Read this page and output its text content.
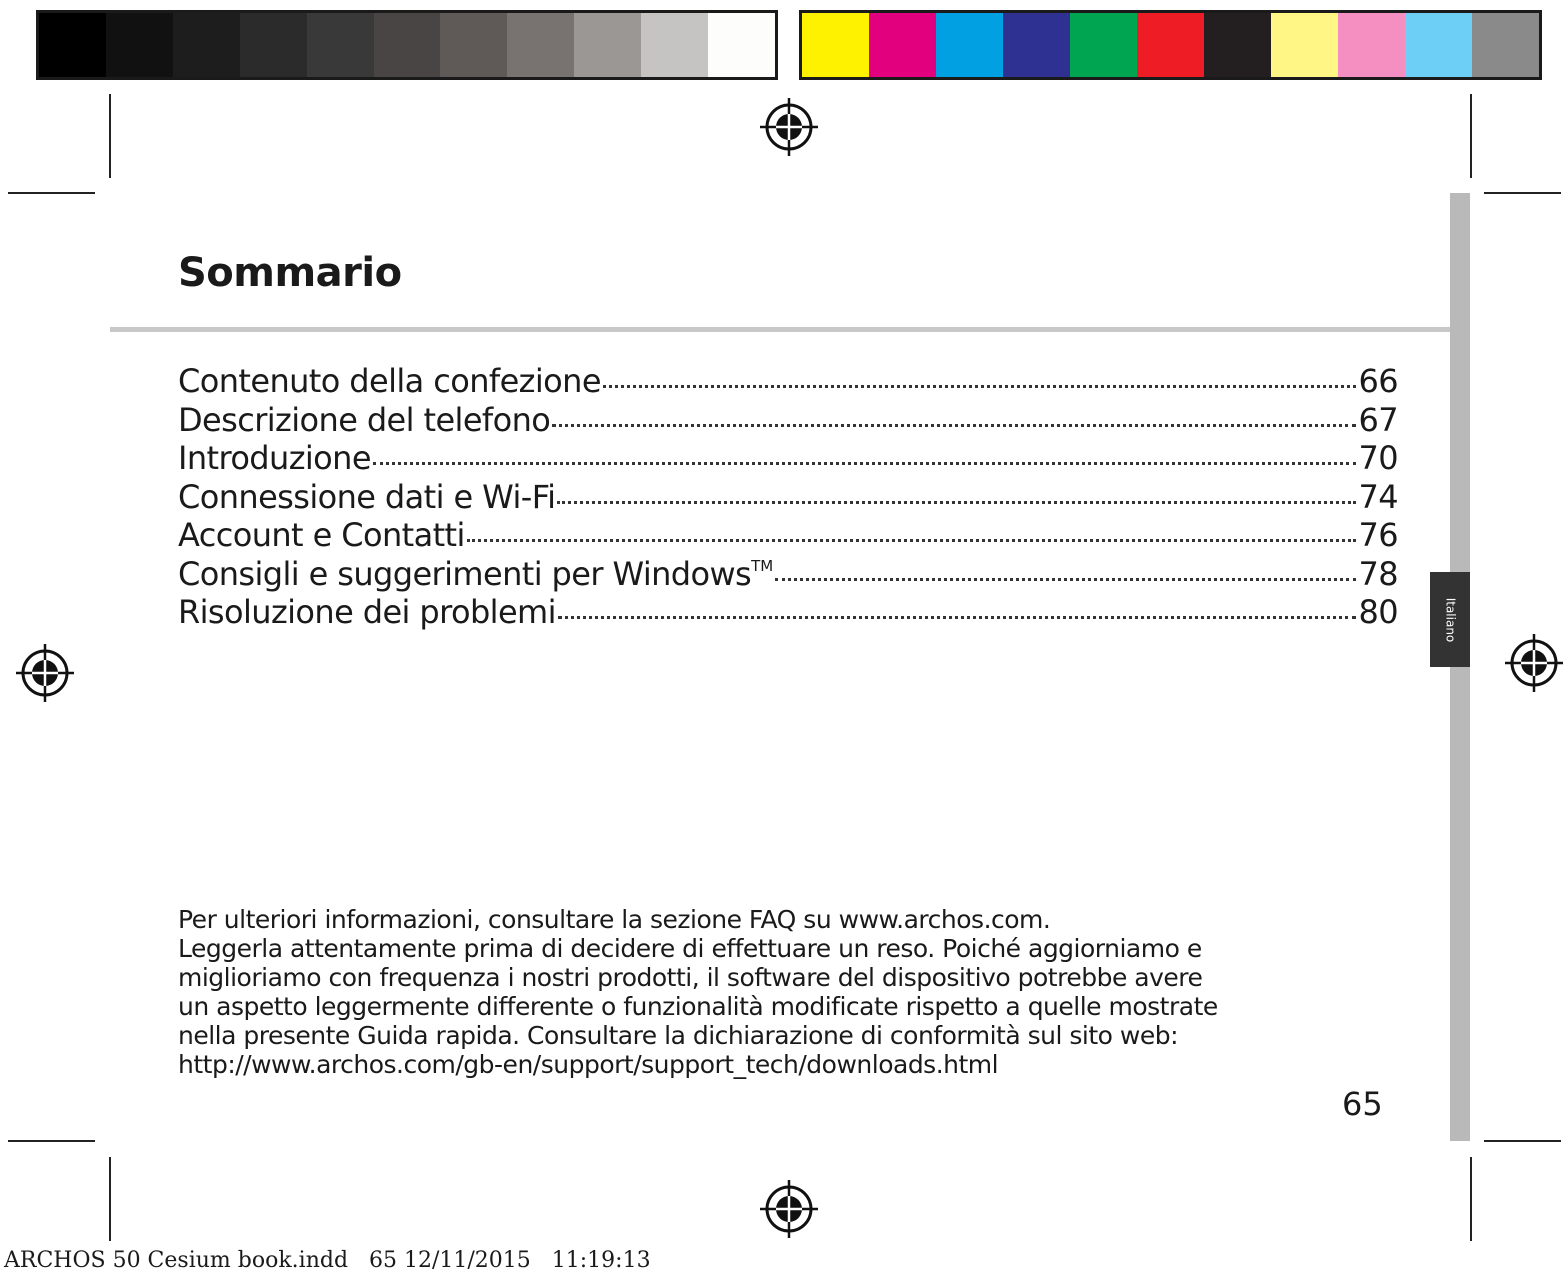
Italiano
Sommario
Contenuto della confezione	66
Descrizione del telefono	67
Introduzione	70
Connessione dati e Wi-Fi	74
Account e Contatti	76
Consigli e suggerimenti per Windows™	78
Risoluzione dei problemi	80
Per ulteriori informazioni, consultare la sezione FAQ su www.archos.com.
Leggerla attentamente prima di decidere di effettuare un reso. Poiché aggiorniamo e
miglioriamo con frequenza i nostri prodotti, il software del dispositivo potrebbe avere
un aspetto leggermente differente o funzionalità modificate rispetto a quelle mostrate
nella presente Guida rapida. Consultare la dichiarazione di conformità sul sito web:
http://www.archos.com/gb-en/support/support_tech/downloads.html
65
ARCHOS 50 Cesium book.indd   65 12/11/2015   11:19:13
